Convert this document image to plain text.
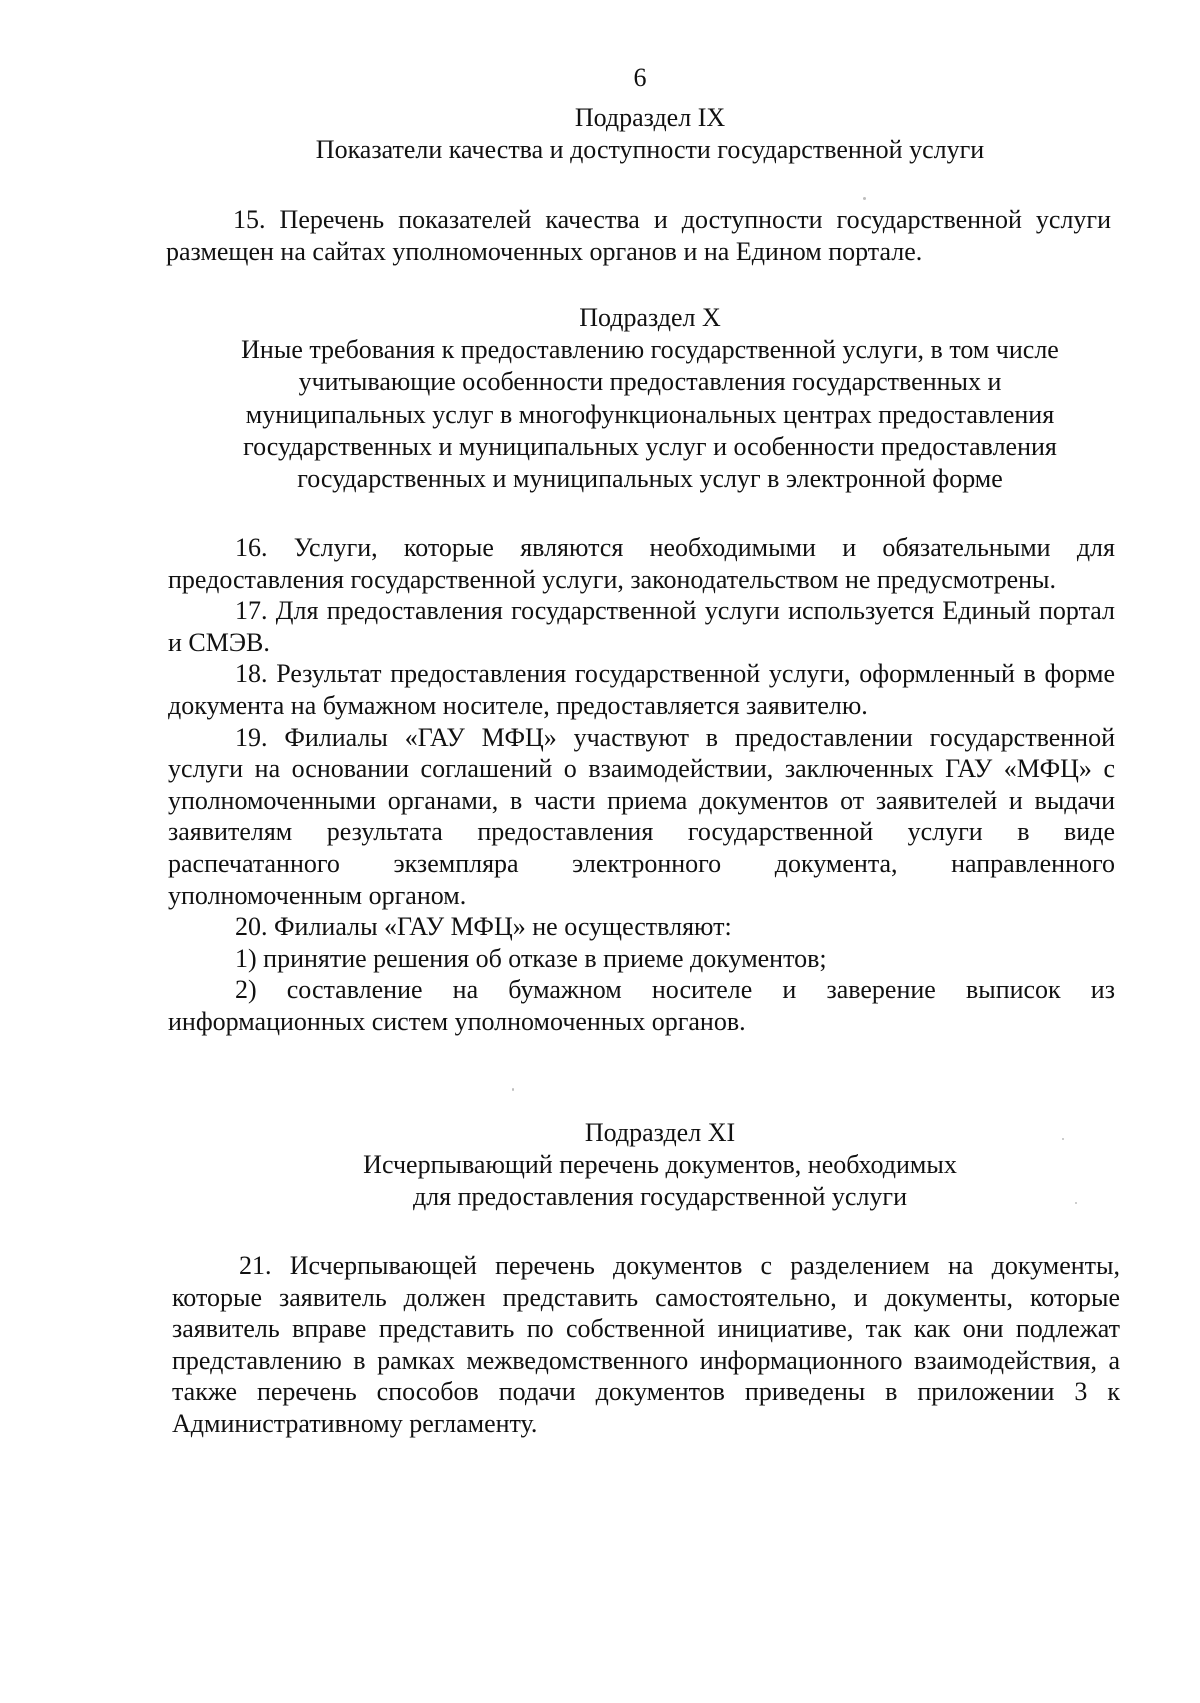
6
Подраздел IX
Показатели качества и доступности государственной услуги

15. Перечень показателей качества и доступности государственной услуги размещен на сайтах уполномоченных органов и на Едином портале.

Подраздел X
Иные требования к предоставлению государственной услуги, в том числе
учитывающие особенности предоставления государственных и
муниципальных услуг в многофункциональных центрах предоставления
государственных и муниципальных услуг и особенности предоставления
государственных и муниципальных услуг в электронной форме

16. Услуги, которые являются необходимыми и обязательными для предоставления государственной услуги, законодательством не предусмотрены.

17. Для предоставления государственной услуги используется Единый портал и СМЭВ.

18. Результат предоставления государственной услуги, оформленный в форме документа на бумажном носителе, предоставляется заявителю.

19. Филиалы «ГАУ МФЦ» участвуют в предоставлении государственной услуги на основании соглашений о взаимодействии, заключенных ГАУ «МФЦ» с уполномоченными органами, в части приема документов от заявителей и выдачи заявителям результата предоставления государственной услуги в виде распечатанного экземпляра электронного документа, направленного уполномоченным органом.

20. Филиалы «ГАУ МФЦ» не осуществляют:

1) принятие решения об отказе в приеме документов;

2) составление на бумажном носителе и заверение выписок из информационных систем уполномоченных органов.

Подраздел XI
Исчерпывающий перечень документов, необходимых
для предоставления государственной услуги

21. Исчерпывающей перечень документов с разделением на документы, которые заявитель должен представить самостоятельно, и документы, которые заявитель вправе представить по собственной инициативе, так как они подлежат представлению в рамках межведомственного информационного взаимодействия, а также перечень способов подачи документов приведены в приложении 3 к Административному регламенту.
